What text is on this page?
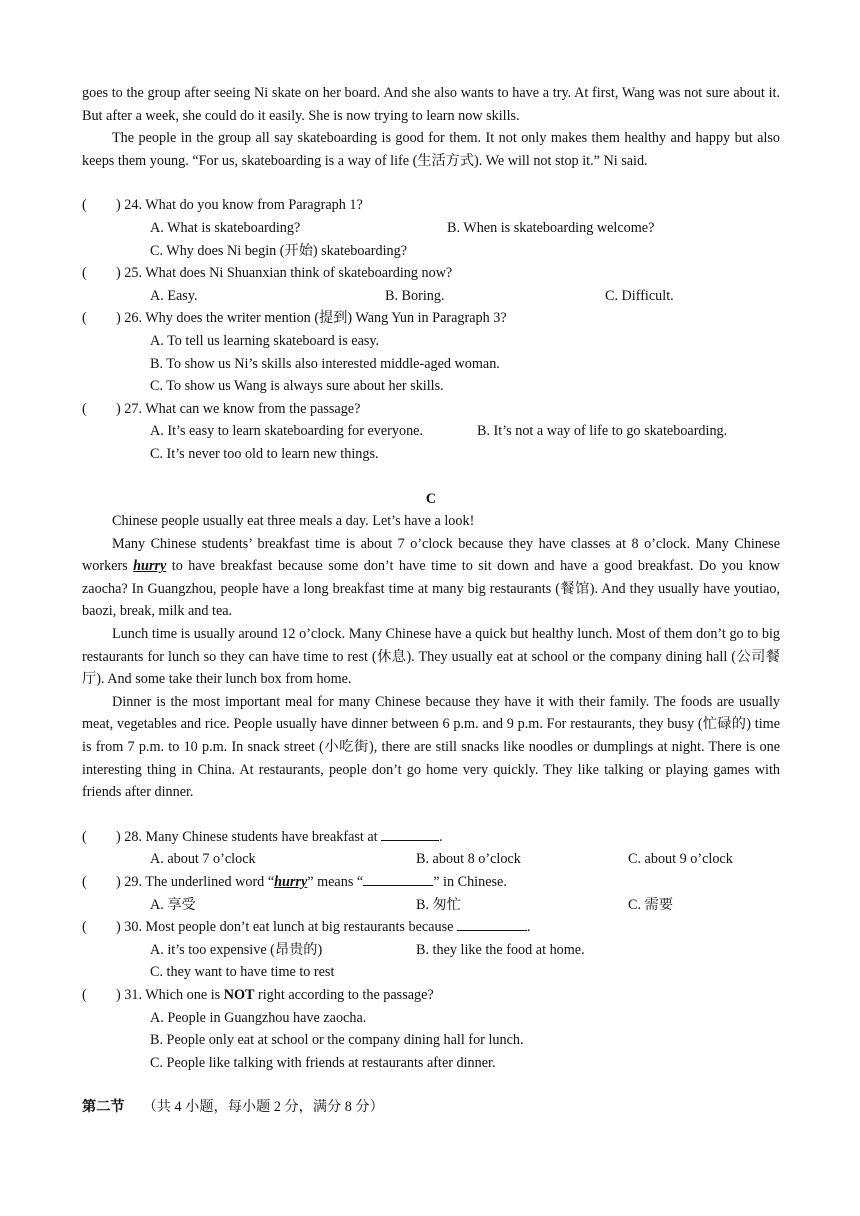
goes to the group after seeing Ni skate on her board. And she also wants to have a try. At first, Wang was not sure about it. But after a week, she could do it easily. She is now trying to learn now skills.

The people in the group all say skateboarding is good for them. It not only makes them healthy and happy but also keeps them young. “For us, skateboarding is a way of life (生活方式). We will not stop it.” Ni said.

(	) 24. What do you know from Paragraph 1?
A. What is skateboarding?	B. When is skateboarding welcome?
C. Why does Ni begin (开始) skateboarding?
(	) 25. What does Ni Shuanxian think of skateboarding now?
A. Easy.	B. Boring.	C. Difficult.
(	) 26. Why does the writer mention (提到) Wang Yun in Paragraph 3?
A. To tell us learning skateboard is easy.
B. To show us Ni’s skills also interested middle-aged woman.
C. To show us Wang is always sure about her skills.
(	) 27. What can we know from the passage?
A. It’s easy to learn skateboarding for everyone.	B. It’s not a way of life to go skateboarding.
C. It’s never too old to learn new things.
C

Chinese people usually eat three meals a day. Let’s have a look!

Many Chinese students’ breakfast time is about 7 o’clock because they have classes at 8 o’clock. Many Chinese workers hurry to have breakfast because some don’t have time to sit down and have a good breakfast. Do you know zaocha? In Guangzhou, people have a long breakfast time at many big restaurants (餐馆). And they usually have youtiao, baozi, break, milk and tea.

Lunch time is usually around 12 o’clock. Many Chinese have a quick but healthy lunch. Most of them don’t go to big restaurants for lunch so they can have time to rest (休息). They usually eat at school or the company dining hall (公司餐厅). And some take their lunch box from home.

Dinner is the most important meal for many Chinese because they have it with their family. The foods are usually meat, vegetables and rice. People usually have dinner between 6 p.m. and 9 p.m. For restaurants, they busy (忙碌的) time is from 7 p.m. to 10 p.m. In snack street (小吃街), there are still snacks like noodles or dumplings at night. There is one interesting thing in China. At restaurants, people don’t go home very quickly. They like talking or playing games with friends after dinner.

(	) 28. Many Chinese students have breakfast at	.
A. about 7 o’clock	B. about 8 o’clock	C. about 9 o’clock
(	) 29. The underlined word “hurry” means “	” in Chinese.
A. 享受	B. 匆忙	C. 需要
(	) 30. Most people don’t eat lunch at big restaurants because	.
A. it’s too expensive (昂贵的)	B. they like the food at home.
C. they want to have time to rest
(	) 31. Which one is NOT right according to the passage?
A. People in Guangzhou have zaocha.
B. People only eat at school or the company dining hall for lunch.
C. People like talking with friends at restaurants after dinner.
第二节 （共 4 小题，每小题 2 分，满分 8 分）
